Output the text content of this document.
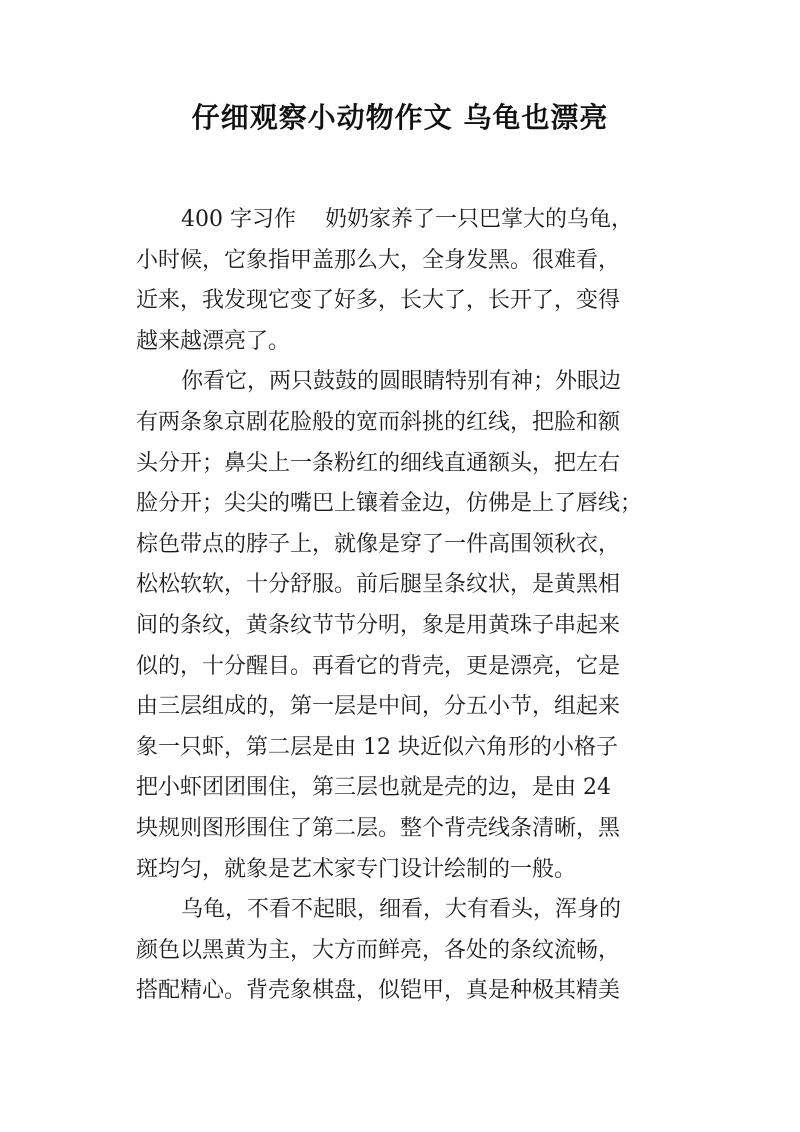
仔细观察小动物作文 乌龟也漂亮

400 字习作　 奶奶家养了一只巴掌大的乌龟，

小时候，它象指甲盖那么大，全身发黑。很难看，

近来，我发现它变了好多，长大了，长开了，变得

越来越漂亮了。

你看它，两只鼓鼓的圆眼睛特别有神；外眼边

有两条象京剧花脸般的宽而斜挑的红线，把脸和额

头分开；鼻尖上一条粉红的细线直通额头，把左右

脸分开；尖尖的嘴巴上镶着金边，仿佛是上了唇线；

棕色带点的脖子上，就像是穿了一件高围领秋衣，

松松软软，十分舒服。前后腿呈条纹状，是黄黑相

间的条纹，黄条纹节节分明，象是用黄珠子串起来

似的，十分醒目。再看它的背壳，更是漂亮，它是

由三层组成的，第一层是中间，分五小节，组起来

象一只虾，第二层是由 12 块近似六角形的小格子

把小虾团团围住，第三层也就是壳的边，是由 24

块规则图形围住了第二层。整个背壳线条清晰，黑

斑均匀，就象是艺术家专门设计绘制的一般。

乌龟，不看不起眼，细看，大有看头，浑身的

颜色以黑黄为主，大方而鲜亮，各处的条纹流畅，

搭配精心。背壳象棋盘，似铠甲，真是种极其精美
